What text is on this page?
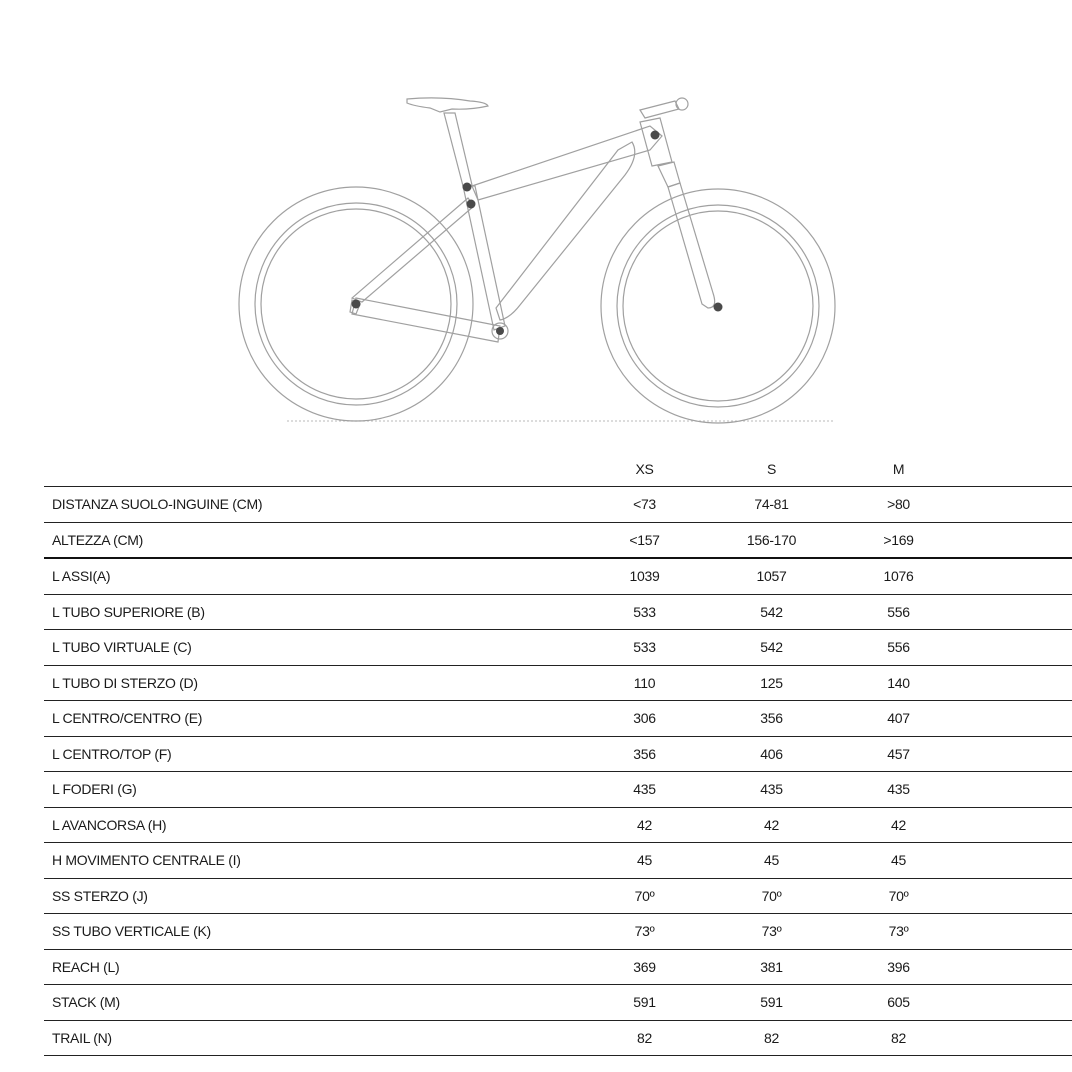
	XS	S	M	
DISTANZA SUOLO-INGUINE (CM)	<73	74-81	>80	
ALTEZZA (CM)	<157	156-170	>169	
L ASSI(A)	1039	1057	1076	
L TUBO SUPERIORE (B)	533	542	556	
L TUBO VIRTUALE (C)	533	542	556	
L TUBO DI STERZO (D)	110	125	140	
L CENTRO/CENTRO (E)	306	356	407	
L CENTRO/TOP (F)	356	406	457	
L FODERI (G)	435	435	435	
L AVANCORSA (H)	42	42	42	
H MOVIMENTO CENTRALE (I)	45	45	45	
SS STERZO (J)	70º	70º	70º	
SS TUBO VERTICALE (K)	73º	73º	73º	
REACH (L)	369	381	396	
STACK (M)	591	591	605	
TRAIL (N)	82	82	82	
